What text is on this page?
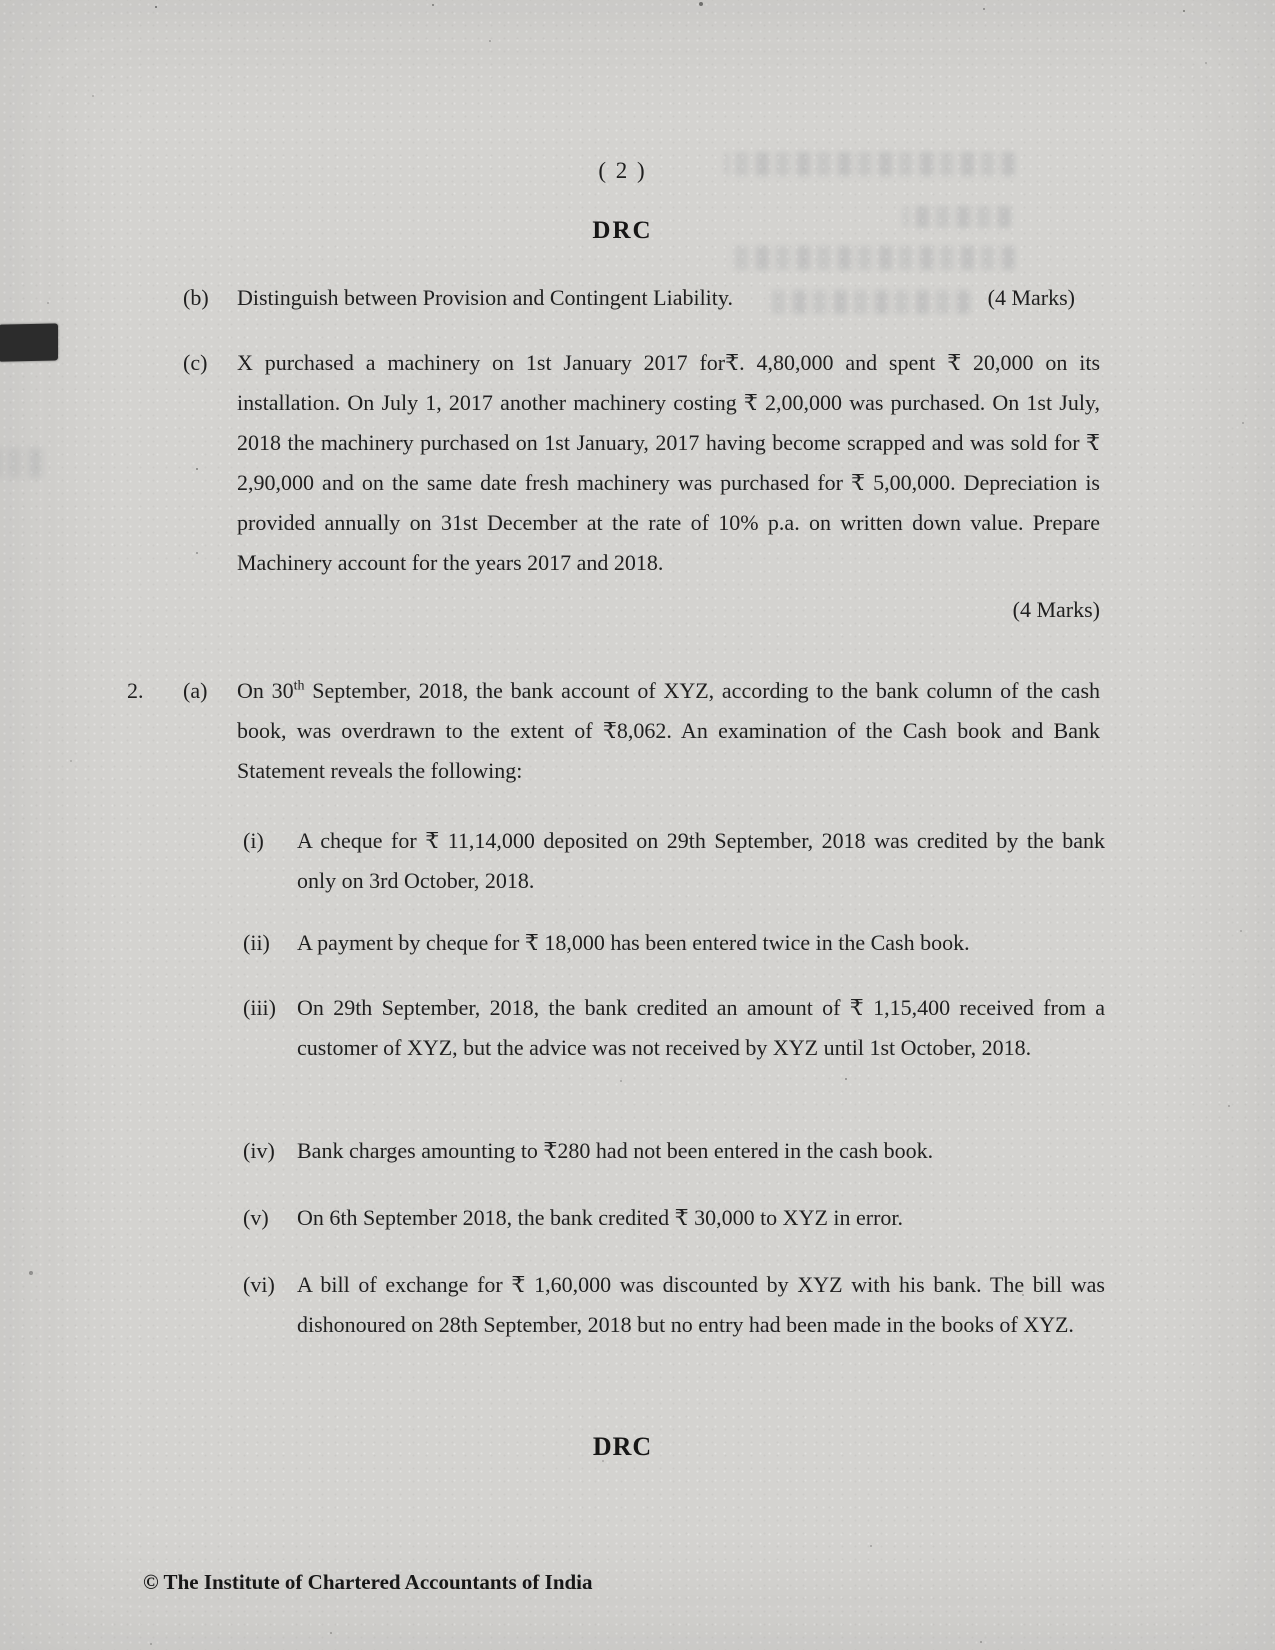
( 2 )
DRC
(b)	Distinguish between Provision and Contingent Liability.	(4 Marks)
(c) X purchased a machinery on 1st January 2017 for₹. 4,80,000 and spent ₹ 20,000 on its installation. On July 1, 2017 another machinery costing ₹ 2,00,000 was purchased. On 1st July, 2018 the machinery purchased on 1st January, 2017 having become scrapped and was sold for ₹ 2,90,000 and on the same date fresh machinery was purchased for ₹ 5,00,000. Depreciation is provided annually on 31st December at the rate of 10% p.a. on written down value. Prepare Machinery account for the years 2017 and 2018.
(4 Marks)
2. (a) On 30th September, 2018, the bank account of XYZ, according to the bank column of the cash book, was overdrawn to the extent of ₹8,062. An examination of the Cash book and Bank Statement reveals the following:
(i) A cheque for ₹ 11,14,000 deposited on 29th September, 2018 was credited by the bank only on 3rd October, 2018.
(ii) A payment by cheque for ₹ 18,000 has been entered twice in the Cash book.
(iii) On 29th September, 2018, the bank credited an amount of ₹ 1,15,400 received from a customer of XYZ, but the advice was not received by XYZ until 1st October, 2018.
(iv) Bank charges amounting to ₹280 had not been entered in the cash book.
(v) On 6th September 2018, the bank credited ₹ 30,000 to XYZ in error.
(vi) A bill of exchange for ₹ 1,60,000 was discounted by XYZ with his bank. The bill was dishonoured on 28th September, 2018 but no entry had been made in the books of XYZ.
DRC
© The Institute of Chartered Accountants of India
